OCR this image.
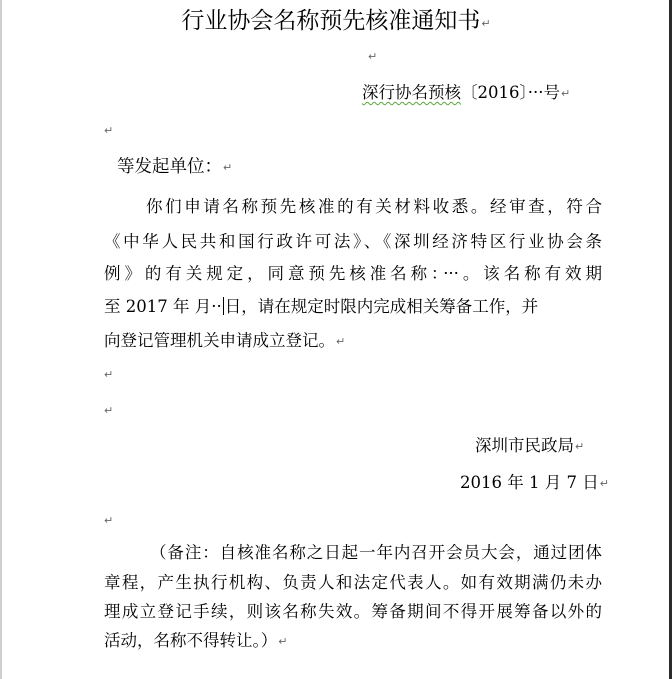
行业协会名称预先核准通知书↵
↵
深行协名预核〔2016〕···号↵
↵
等发起单位：↵
你们申请名称预先核准的有关材料收悉。经审查，符合
《中华人民共和国行政许可法》、《深圳经济特区行业协会条
例》的有关规定，同意预先核准名称：···。该名称有效期
至 2017 年 月·· 日，请在规定时限内完成相关筹备工作，并
向登记管理机关申请成立登记。↵
↵
↵
深圳市民政局↵
2016 年 1 月 7 日↵
↵
（备注：自核准名称之日起一年内召开会员大会，通过团体
章程，产生执行机构、负责人和法定代表人。如有效期满仍未办
理成立登记手续，则该名称失效。筹备期间不得开展筹备以外的
活动，名称不得转让。）↵
